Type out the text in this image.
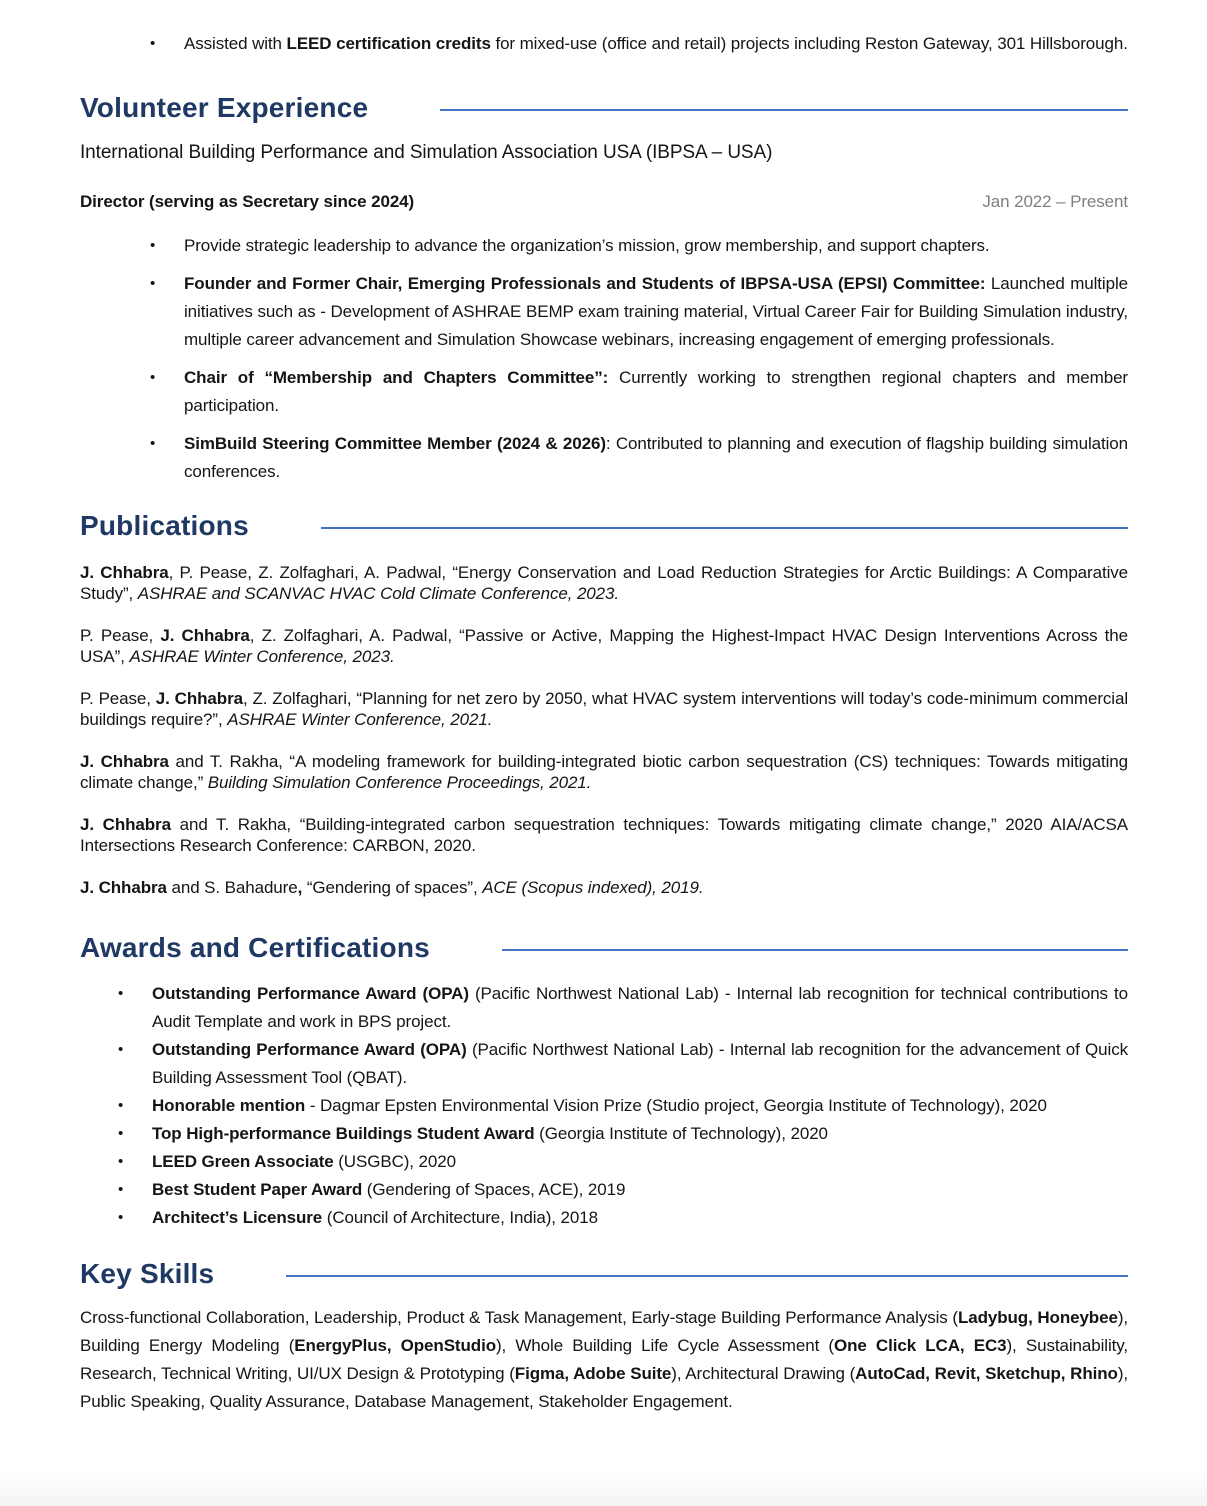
•	Assisted with LEED certification credits for mixed-use (office and retail) projects including Reston Gateway, 301 Hillsborough.

Volunteer Experience

International Building Performance and Simulation Association USA (IBPSA – USA)

Director (serving as Secretary since 2024)	Jan 2022 – Present
•	Provide strategic leadership to advance the organization’s mission, grow membership, and support chapters.

•	Founder and Former Chair, Emerging Professionals and Students of IBPSA-USA (EPSI) Committee: Launched multiple initiatives such as - Development of ASHRAE BEMP exam training material, Virtual Career Fair for Building Simulation industry, multiple career advancement and Simulation Showcase webinars, increasing engagement of emerging professionals.

•	Chair of “Membership and Chapters Committee”: Currently working to strengthen regional chapters and member participation.

•	SimBuild Steering Committee Member (2024 & 2026): Contributed to planning and execution of flagship building simulation conferences.

Publications

J. Chhabra, P. Pease, Z. Zolfaghari, A. Padwal, “Energy Conservation and Load Reduction Strategies for Arctic Buildings: A Comparative Study”, ASHRAE and SCANVAC HVAC Cold Climate Conference, 2023.

P. Pease, J. Chhabra, Z. Zolfaghari, A. Padwal, “Passive or Active, Mapping the Highest-Impact HVAC Design Interventions Across the USA”, ASHRAE Winter Conference, 2023.

P. Pease, J. Chhabra, Z. Zolfaghari, “Planning for net zero by 2050, what HVAC system interventions will today’s code-minimum commercial buildings require?”, ASHRAE Winter Conference, 2021.

J. Chhabra and T. Rakha, “A modeling framework for building-integrated biotic carbon sequestration (CS) techniques: Towards mitigating climate change,” Building Simulation Conference Proceedings, 2021.

J. Chhabra and T. Rakha, “Building-integrated carbon sequestration techniques: Towards mitigating climate change,” 2020 AIA/ACSA Intersections Research Conference: CARBON, 2020.

J. Chhabra and S. Bahadure, “Gendering of spaces”, ACE (Scopus indexed), 2019.

Awards and Certifications
•	Outstanding Performance Award (OPA) (Pacific Northwest National Lab) - Internal lab recognition for technical contributions to Audit Template and work in BPS project.

•	Outstanding Performance Award (OPA) (Pacific Northwest National Lab) - Internal lab recognition for the advancement of Quick Building Assessment Tool (QBAT).

•	Honorable mention - Dagmar Epsten Environmental Vision Prize (Studio project, Georgia Institute of Technology), 2020

•	Top High-performance Buildings Student Award (Georgia Institute of Technology), 2020

•	LEED Green Associate (USGBC), 2020

•	Best Student Paper Award (Gendering of Spaces, ACE), 2019

•	Architect’s Licensure (Council of Architecture, India), 2018

Key Skills

Cross-functional Collaboration, Leadership, Product & Task Management, Early-stage Building Performance Analysis (Ladybug, Honeybee), Building Energy Modeling (EnergyPlus, OpenStudio), Whole Building Life Cycle Assessment (One Click LCA, EC3), Sustainability, Research, Technical Writing, UI/UX Design & Prototyping (Figma, Adobe Suite), Architectural Drawing (AutoCad, Revit, Sketchup, Rhino), Public Speaking, Quality Assurance, Database Management, Stakeholder Engagement.
